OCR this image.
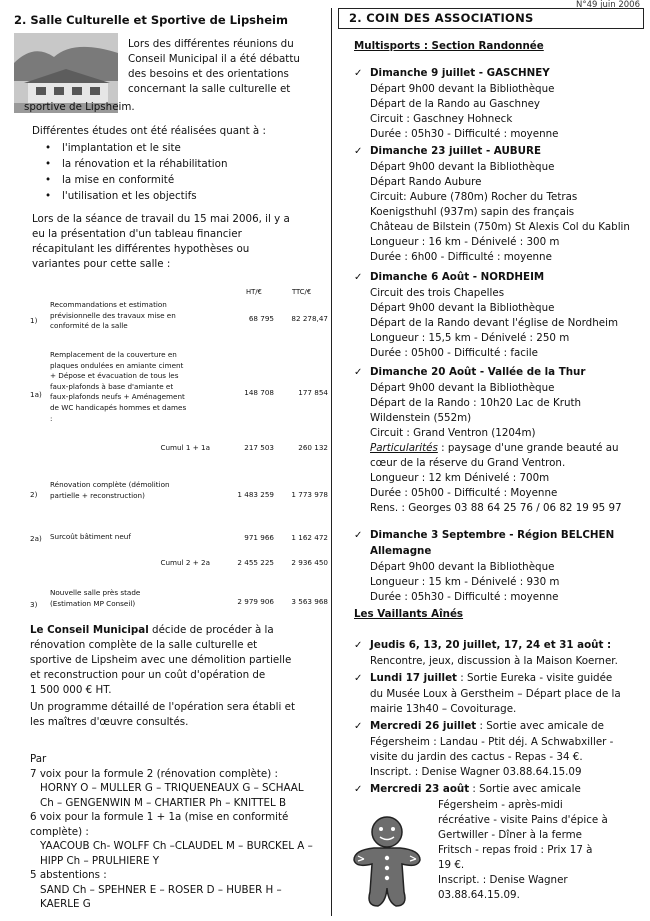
N°49 juin 2006
2. Salle Culturelle et Sportive de Lipsheim
Lors des différentes réunions du
Conseil Municipal il a été débattu
des besoins et des orientations
concernant la salle culturelle et
sportive de Lipsheim.
Différentes études ont été réalisées quant à :
• l'implantation et le site
• la rénovation et la réhabilitation
• la mise en conformité
• l'utilisation et les objectifs
Lors de la séance de travail du 15 mai 2006, il y a
eu la présentation d'un tableau financier
récapitulant les différentes hypothèses ou
variantes pour cette salle :
HT/€	TTC/€
1)
Recommandations et estimation
prévisionnelle des travaux mise en
conformité de la salle
68 795	82 278,47
1a)
Remplacement de la couverture en
plaques ondulées en amiante ciment
+ Dépose et évacuation de tous les
faux-plafonds à base d'amiante et
faux-plafonds neufs + Aménagement
de WC handicapés hommes et dames
:
148 708	177 854
Cumul 1 + 1a	217 503	260 132
2)
Rénovation complète (démolition
partielle + reconstruction)	1 483 259	1 773 978
2a) Surcoût bâtiment neuf	971 966	1 162 472
Cumul 2 + 2a	2 455 225	2 936 450
3)
Nouvelle salle près stade
(Estimation MP Conseil)	2 979 906	3 563 968
Le Conseil Municipal décide de procéder à la
rénovation complète de la salle culturelle et
sportive de Lipsheim avec une démolition partielle
et reconstruction pour un coût d'opération de
1 500 000 € HT.
Un programme détaillé de l'opération sera établi et
les maîtres d'œuvre consultés.
Par
7 voix pour la formule 2 (rénovation complète) :
HORNY O – MULLER G – TRIQUENEAUX G – SCHAAL
Ch – GENGENWIN M – CHARTIER Ph – KNITTEL B
6 voix pour la formule 1 + 1a (mise en conformité
complète) :
YAACOUB Ch- WOLFF Ch –CLAUDEL M – BURCKEL A –
HIPP Ch – PRULHIERE Y
5 abstentions :
SAND Ch – SPEHNER E – ROSER D – HUBER H –
KAERLE G
2. COIN DES ASSOCIATIONS
Multisports : Section Randonnée
✓ Dimanche 9 juillet - GASCHNEY
Départ 9h00 devant la Bibliothèque
Départ de la Rando au Gaschney
Circuit : Gaschney Hohneck
Durée : 05h30 - Difficulté : moyenne
✓ Dimanche 23 juillet - AUBURE
Départ 9h00 devant la Bibliothèque
Départ Rando Aubure
Circuit: Aubure (780m) Rocher du Tetras
Koenigsthuhl (937m) sapin des français
Château de Bilstein (750m) St Alexis Col du Kablin
Longueur : 16 km - Dénivelé : 300 m
Durée : 6h00 - Difficulté : moyenne
✓ Dimanche 6 Août - NORDHEIM
Circuit des trois Chapelles
Départ 9h00 devant la Bibliothèque
Départ de la Rando devant l'église de Nordheim
Longueur : 15,5 km - Dénivelé : 250 m
Durée : 05h00 - Difficulté : facile
✓ Dimanche 20 Août - Vallée de la Thur
Départ 9h00 devant la Bibliothèque
Départ de la Rando : 10h20 Lac de Kruth
Wildenstein (552m)
Circuit : Grand Ventron (1204m)
Particularités : paysage d'une grande beauté au
cœur de la réserve du Grand Ventron.
Longueur : 12 km Dénivelé : 700m
Durée : 05h00 - Difficulté : Moyenne
Rens. : Georges 03 88 64 25 76 / 06 82 19 95 97
✓ Dimanche 3 Septembre - Région BELCHEN
Allemagne
Départ 9h00 devant la Bibliothèque
Longueur : 15 km - Dénivelé : 930 m
Durée : 05h30 - Difficulté : moyenne
Les Vaillants Aînés
✓ Jeudis 6, 13, 20 juillet, 17, 24 et 31 août :
Rencontre, jeux, discussion à la Maison Koerner.
✓ Lundi 17 juillet : Sortie Eureka - visite guidée
du Musée Loux à Gerstheim – Départ place de la
mairie 13h40 – Covoiturage.
✓ Mercredi 26 juillet : Sortie avec amicale de
Fégersheim : Landau - Ptit déj. A Schwabxiller -
visite du jardin des cactus - Repas - 34 €.
Inscript. : Denise Wagner 03.88.64.15.09
✓ Mercredi 23 août : Sortie avec amicale
Fégersheim - après-midi
récréative - visite Pains d'épice à
Gertwiller - Dîner à la ferme
Fritsch - repas froid : Prix 17 à
19 €.
Inscript. : Denise Wagner
03.88.64.15.09.
